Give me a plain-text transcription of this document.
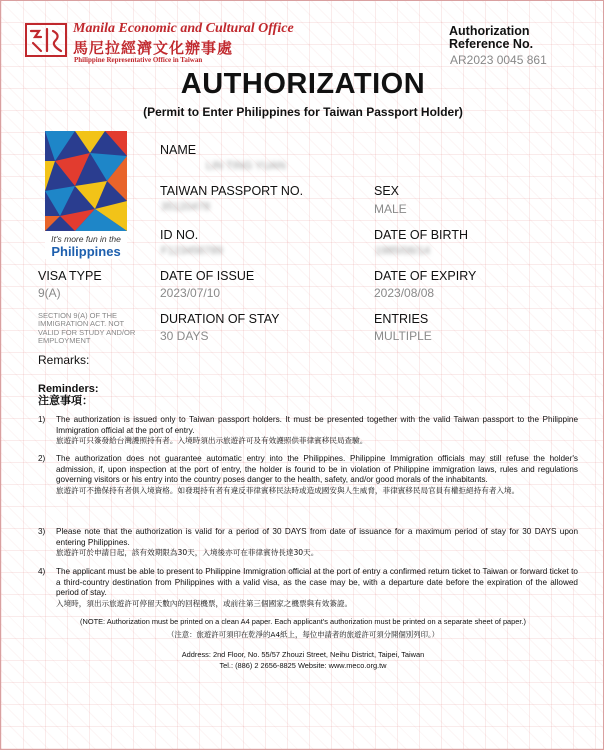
Manila Economic and Cultural Office
馬尼拉經濟文化辦事處
Philippine Representative Office in Taiwan
Authorization
Reference No.
AR2023 0045 861
AUTHORIZATION
(Permit to Enter Philippines for Taiwan Passport Holder)
It's more fun in the
Philippines
NAME
LIN TING YUAN
TAIWAN PASSPORT NO.
35120478
SEX
MALE
ID NO.
F123456789
DATE OF BIRTH
1985/06/14
VISA TYPE
9(A)
DATE OF ISSUE
2023/07/10
DATE OF EXPIRY
2023/08/08
SECTION 9(A) OF THE IMMIGRATION ACT. NOT VALID FOR STUDY AND/OR EMPLOYMENT
DURATION OF STAY
30 DAYS
ENTRIES
MULTIPLE
Remarks:
Reminders:
注意事項：
1) The authorization is issued only to Taiwan passport holders. It must be presented together with the valid Taiwan passport to the Philippine Immigration official at the port of entry.
旅遊許可只簽發給台灣護照持有者。入境時須出示旅遊許可及有效護照供菲律賓移民局查驗。
2) The authorization does not guarantee automatic entry into the Philippines. Philippine Immigration officials may still refuse the holder's admission, if, upon inspection at the port of entry, the holder is found to be in violation of Philippine immigration laws, rules and regulations governing visitors or his entry into the country poses danger to the health, safety, and/or good morals of the inhabitants.
旅遊許可不擔保持有者俱入境資格。如發現持有者有違反菲律賓移民法時或造成國安與人生威脅，菲律賓移民局官員有權拒絕持有者入境。
3) Please note that the authorization is valid for a period of 30 DAYS from date of issuance for a maximum period of stay for 30 DAYS upon entering Philippines.
旅遊許可於申請日起，該有效期限為30天，入境後亦可在菲律賓待長達30天。
4) The applicant must be able to present to Philippine Immigration official at the port of entry a confirmed return ticket to Taiwan or forward ticket to a third-country destination from Philippines with a valid visa, as the case may be, with a departure date before the expiration of the allowed period of stay.
入境時，須出示旅遊許可停留天數內的回程機票，或前往第三個國家之機票與有效簽證。
(NOTE: Authorization must be printed on a clean A4 paper. Each applicant's authorization must be printed on a separate sheet of paper.)
（注意：旅遊許可須印在乾淨的A4紙上，每位申請者的旅遊許可須分開個別列印。）
Address: 2nd Floor, No. 55/57 Zhouzi Street, Neihu District, Taipei, Taiwan
Tel.: (886) 2 2656-8825 Website: www.meco.org.tw
